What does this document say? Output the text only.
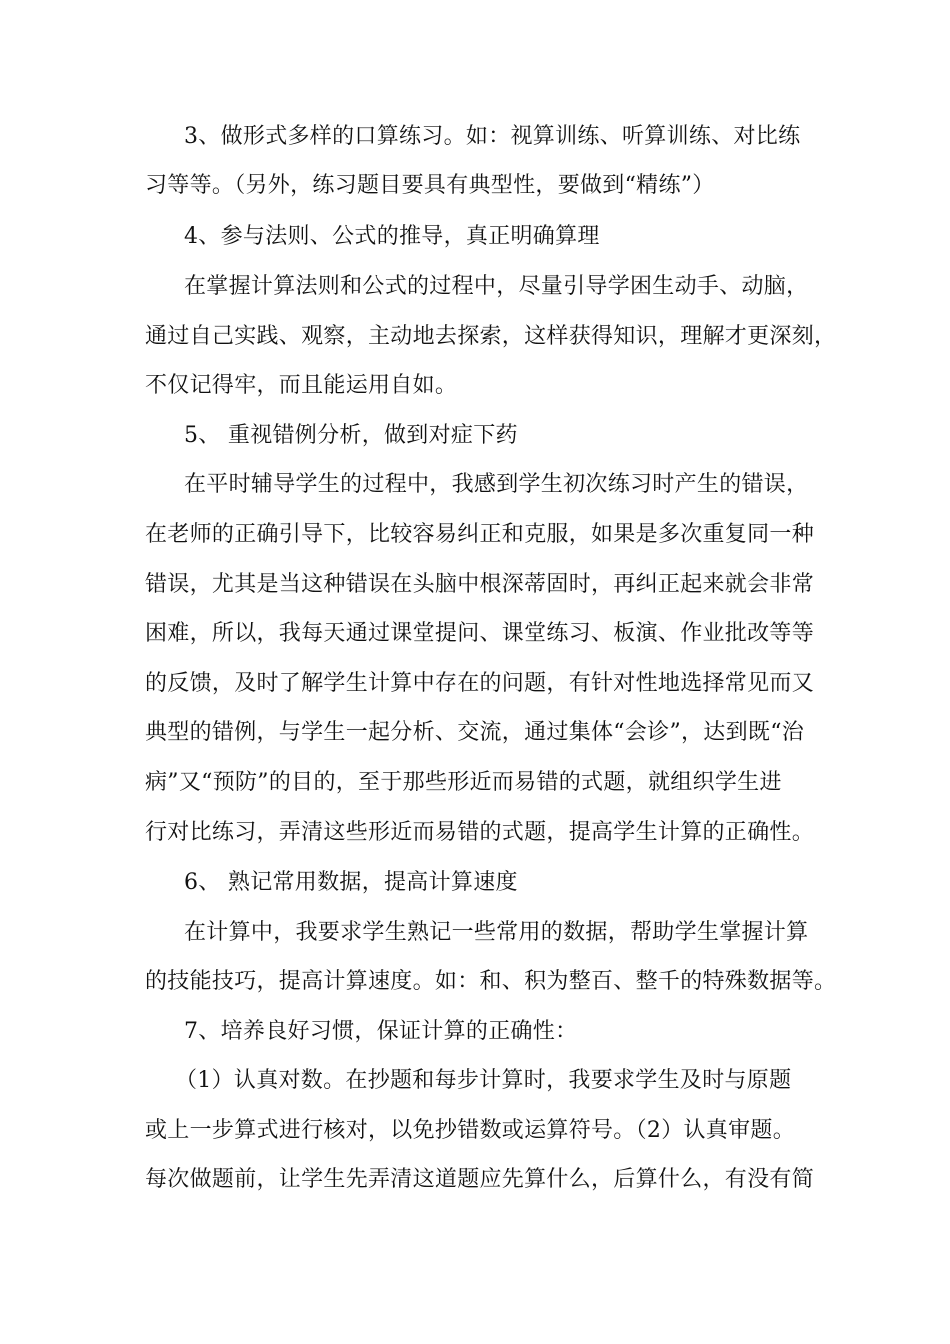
3、做形式多样的口算练习。如：视算训练、听算训练、对比练
习等等。（另外，练习题目要具有典型性，要做到“精练”）
4、参与法则、公式的推导，真正明确算理
在掌握计算法则和公式的过程中，尽量引导学困生动手、动脑，
通过自己实践、观察，主动地去探索，这样获得知识，理解才更深刻，
不仅记得牢，而且能运用自如。
5、 重视错例分析，做到对症下药
在平时辅导学生的过程中，我感到学生初次练习时产生的错误，
在老师的正确引导下，比较容易纠正和克服，如果是多次重复同一种
错误，尤其是当这种错误在头脑中根深蒂固时，再纠正起来就会非常
困难，所以，我每天通过课堂提问、课堂练习、板演、作业批改等等
的反馈，及时了解学生计算中存在的问题，有针对性地选择常见而又
典型的错例，与学生一起分析、交流，通过集体“会诊”，达到既“治
病”又“预防”的目的，至于那些形近而易错的式题，就组织学生进
行对比练习，弄清这些形近而易错的式题，提高学生计算的正确性。
6、 熟记常用数据，提高计算速度
在计算中，我要求学生熟记一些常用的数据，帮助学生掌握计算
的技能技巧，提高计算速度。如：和、积为整百、整千的特殊数据等。
7、培养良好习惯，保证计算的正确性：
（1）认真对数。在抄题和每步计算时，我要求学生及时与原题
或上一步算式进行核对，以免抄错数或运算符号。（2）认真审题。
每次做题前，让学生先弄清这道题应先算什么，后算什么，有没有简
